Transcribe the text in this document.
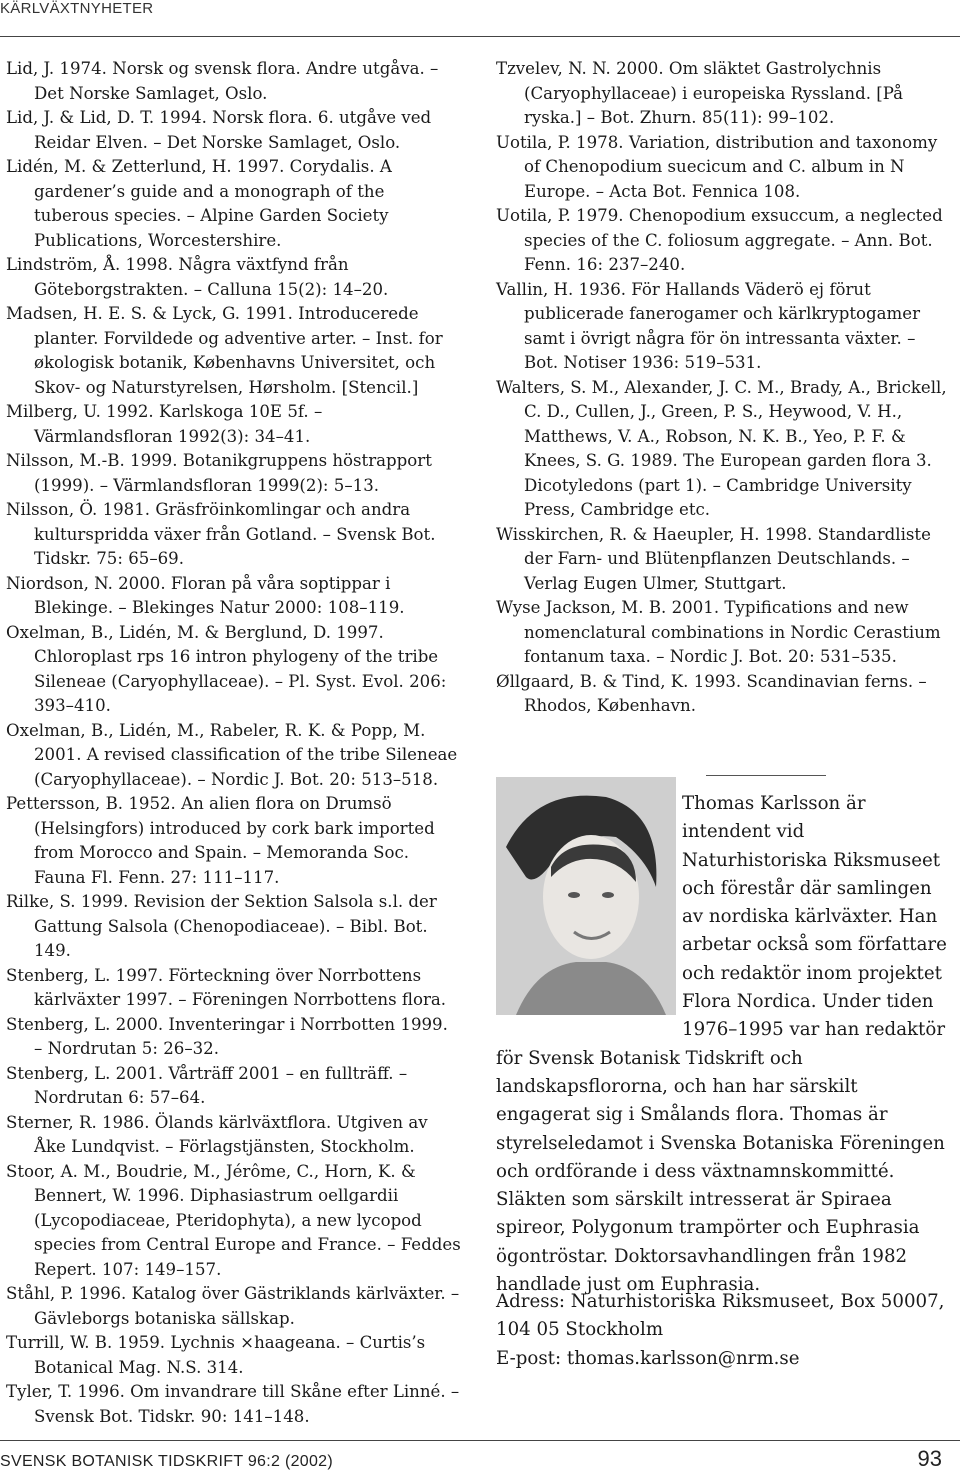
KÄRLVÄXTNYHETER

Lid, J. 1974. Norsk og svensk flora. Andre utgåva. – Det Norske Samlaget, Oslo.

Lid, J. & Lid, D. T. 1994. Norsk flora. 6. utgåve ved Reidar Elven. – Det Norske Samlaget, Oslo.

Lidén, M. & Zetterlund, H. 1997. Corydalis. A gardener’s guide and a monograph of the tuberous species. – Alpine Garden Society Publications, Worcestershire.

Lindström, Å. 1998. Några växtfynd från Göteborgstrakten. – Calluna 15(2): 14–20.

Madsen, H. E. S. & Lyck, G. 1991. Introducerede planter. Forvildede og adventive arter. – Inst. for økologisk botanik, Københavns Universitet, och Skov- og Naturstyrelsen, Hørsholm. [Stencil.]

Milberg, U. 1992. Karlskoga 10E 5f. – Värmlandsfloran 1992(3): 34–41.

Nilsson, M.-B. 1999. Botanikgruppens höstrapport (1999). – Värmlandsfloran 1999(2): 5–13.

Nilsson, Ö. 1981. Gräsfröinkomlingar och andra kulturspridda växer från Gotland. – Svensk Bot. Tidskr. 75: 65–69.

Niordson, N. 2000. Floran på våra soptippar i Blekinge. – Blekinges Natur 2000: 108–119.

Oxelman, B., Lidén, M. & Berglund, D. 1997. Chloroplast rps 16 intron phylogeny of the tribe Sileneae (Caryophyllaceae). – Pl. Syst. Evol. 206: 393–410.

Oxelman, B., Lidén, M., Rabeler, R. K. & Popp, M. 2001. A revised classification of the tribe Sileneae (Caryophyllaceae). – Nordic J. Bot. 20: 513–518.

Pettersson, B. 1952. An alien flora on Drumsö (Helsingfors) introduced by cork bark imported from Morocco and Spain. – Memoranda Soc. Fauna Fl. Fenn. 27: 111–117.

Rilke, S. 1999. Revision der Sektion Salsola s.l. der Gattung Salsola (Chenopodiaceae). – Bibl. Bot. 149.

Stenberg, L. 1997. Förteckning över Norrbottens kärlväxter 1997. – Föreningen Norrbottens flora.

Stenberg, L. 2000. Inventeringar i Norrbotten 1999. – Nordrutan 5: 26–32.

Stenberg, L. 2001. Vårträff 2001 – en fullträff. – Nordrutan 6: 57–64.

Sterner, R. 1986. Ölands kärlväxtflora. Utgiven av Åke Lundqvist. – Förlagstjänsten, Stockholm.

Stoor, A. M., Boudrie, M., Jérôme, C., Horn, K. & Bennert, W. 1996. Diphasiastrum oellgardii (Lycopodiaceae, Pteridophyta), a new lycopod species from Central Europe and France. – Feddes Repert. 107: 149–157.

Ståhl, P. 1996. Katalog över Gästriklands kärlväxter. – Gävleborgs botaniska sällskap.

Turrill, W. B. 1959. Lychnis ×haageana. – Curtis’s Botanical Mag. N.S. 314.

Tyler, T. 1996. Om invandrare till Skåne efter Linné. – Svensk Bot. Tidskr. 90: 141–148.

Tzvelev, N. N. 2000. Om släktet Gastrolychnis (Caryophyllaceae) i europeiska Ryssland. [På ryska.] – Bot. Zhurn. 85(11): 99–102.

Uotila, P. 1978. Variation, distribution and taxonomy of Chenopodium suecicum and C. album in N Europe. – Acta Bot. Fennica 108.

Uotila, P. 1979. Chenopodium exsuccum, a neglected species of the C. foliosum aggregate. – Ann. Bot. Fenn. 16: 237–240.

Vallin, H. 1936. För Hallands Väderö ej förut publicerade fanerogamer och kärlkryptogamer samt i övrigt några för ön intressanta växter. – Bot. Notiser 1936: 519–531.

Walters, S. M., Alexander, J. C. M., Brady, A., Brickell, C. D., Cullen, J., Green, P. S., Heywood, V. H., Matthews, V. A., Robson, N. K. B., Yeo, P. F. & Knees, S. G. 1989. The European garden flora 3. Dicotyledons (part 1). – Cambridge University Press, Cambridge etc.

Wisskirchen, R. & Haeupler, H. 1998. Standardliste der Farn- und Blütenpflanzen Deutschlands. – Verlag Eugen Ulmer, Stuttgart.

Wyse Jackson, M. B. 2001. Typifications and new nomenclatural combinations in Nordic Cerastium fontanum taxa. – Nordic J. Bot. 20: 531–535.

Øllgaard, B. & Tind, K. 1993. Scandinavian ferns. – Rhodos, København.

Thomas Karlsson är intendent vid Naturhistoriska Riksmuseet och förestår där samlingen av nordiska kärlväxter. Han arbetar också som författare och redaktör inom projektet Flora Nordica. Under tiden 1976–1995 var han redaktör för Svensk Botanisk Tidskrift och landskapsflororna, och han har särskilt engagerat sig i Smålands flora. Thomas är styrelseledamot i Svenska Botaniska Föreningen och ordförande i dess växtnamnskommitté. Släkten som särskilt intresserat är Spiraea spireor, Polygonum trampörter och Euphrasia ögontröstar. Doktorsavhandlingen från 1982 handlade just om Euphrasia.

Adress: Naturhistoriska Riksmuseet, Box 50007,
104 05 Stockholm
E-post: thomas.karlsson@nrm.se
SVENSK BOTANISK TIDSKRIFT 96:2 (2002)	93
